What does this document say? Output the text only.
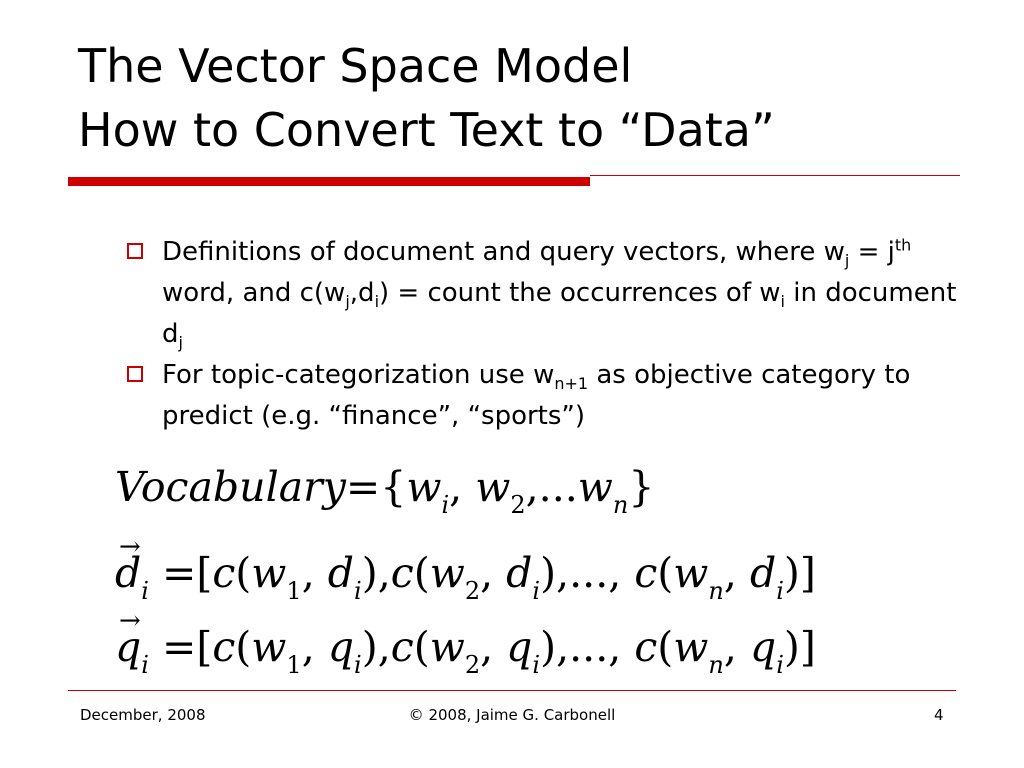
The Vector Space Model
How to Convert Text to “Data”
Definitions of document and query vectors, where $w_j = j^{th}$ word, and $c(w_j,d_i)$ = count the occurrences of $w_i$ in document $d_j$
For topic-categorization use $w_{n+1}$ as objective category to predict (e.g. “finance”, “sports”)
$Vocabulary=\{w_i$, $w_2,...w_n$}
→ $d_i =[c(w_1$, $d_i),c(w_2$, $d_i$),..., $c(w_n$, $d_i$)]
→ $q_i =[c(w_1$, $q_i),c(w_2$, $q_i$),..., $c(w_n$, $q_i$)]
December, 2008	© 2008, Jaime G. Carbonell	4
